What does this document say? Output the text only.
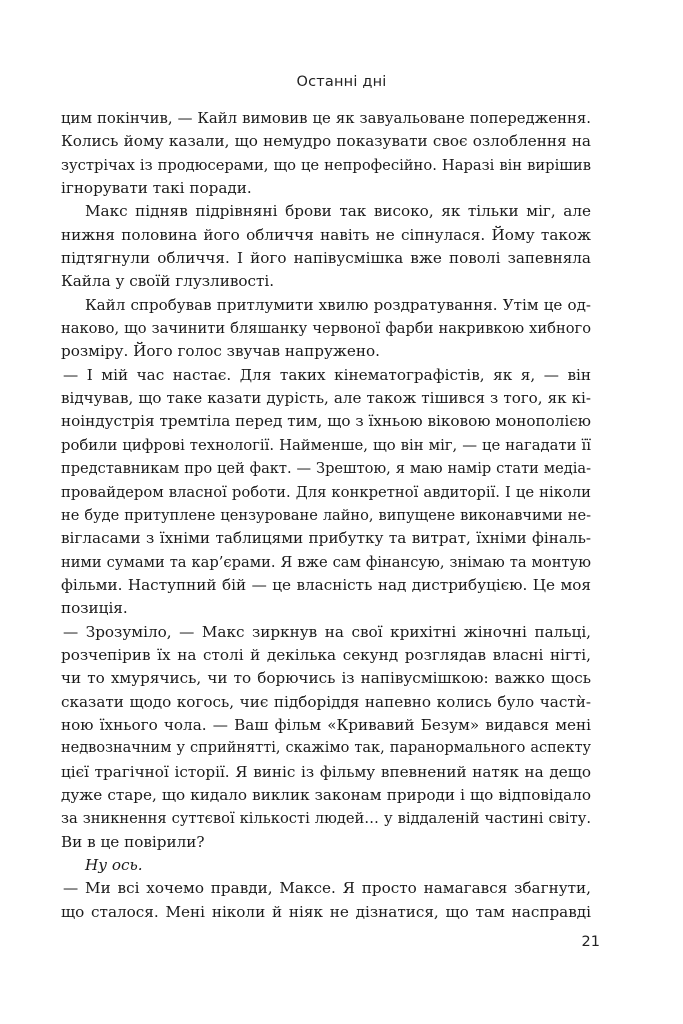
Останні дні
цим покінчив, — Кайл вимовив це як завуальоване попередження.
Колись йому казали, що немудро показувати своє озлоблення на
зустрічах із продюсерами, що це непрофесійно. Наразі він вирішив
ігнорувати такі поради.
Макс підняв підрівняні брови так високо, як тільки міг, але
нижня половина його обличчя навіть не сіпнулася. Йому також
підтягнули обличчя. І його напівусмішка вже поволі запевняла
Кайла у своїй глузливості.
Кайл спробував притлумити хвилю роздратування. Утім це од-
наково, що зачинити бляшанку червоної фарби накривкою хибного
розміру. Його голос звучав напружено.
— І мій час настає. Для таких кінематографістів, як я, — він
відчував, що таке казати дурість, але також тішився з того, як кі-
ноіндустрія тремтіла перед тим, що з їхньою віковою монополією
робили цифрові технології. Найменше, що він міг, — це нагадати її
представникам про цей факт. — Зрештою, я маю намір стати медіа-
провайдером власної роботи. Для конкретної авдиторії. І це ніколи
не буде притуплене цензуроване лайно, випущене виконавчими не-
вігласами з їхніми таблицями прибутку та витрат, їхніми фіналь-
ними сумами та кар’єрами. Я вже сам фінансую, знімаю та монтую
фільми. Наступний бій — це власність над дистрибуцією. Це моя
позиція.
— Зрозуміло, — Макс зиркнув на свої крихітні жіночні пальці,
розчепірив їх на столі й декілька секунд розглядав власні нігті,
чи то хмурячись, чи то борючись із напівусмішкою: важко щось
сказати щодо когось, чиє підборіддя напевно колись було частѝ-
ною їхнього чола. — Ваш фільм «Кривавий Безум» видався мені
недвозначним у сприйнятті, скажімо так, паранормального аспекту
цієї трагічної історії. Я виніс із фільму впевнений натяк на дещо
дуже старе, що кидало виклик законам природи і що відповідало
за зникнення суттєвої кількості людей… у віддаленій частині світу.
Ви в це повірили?
Ну ось.
— Ми всі хочемо правди, Максе. Я просто намагався збагнути,
що сталося. Мені ніколи й ніяк не дізнатися, що там насправді
21
